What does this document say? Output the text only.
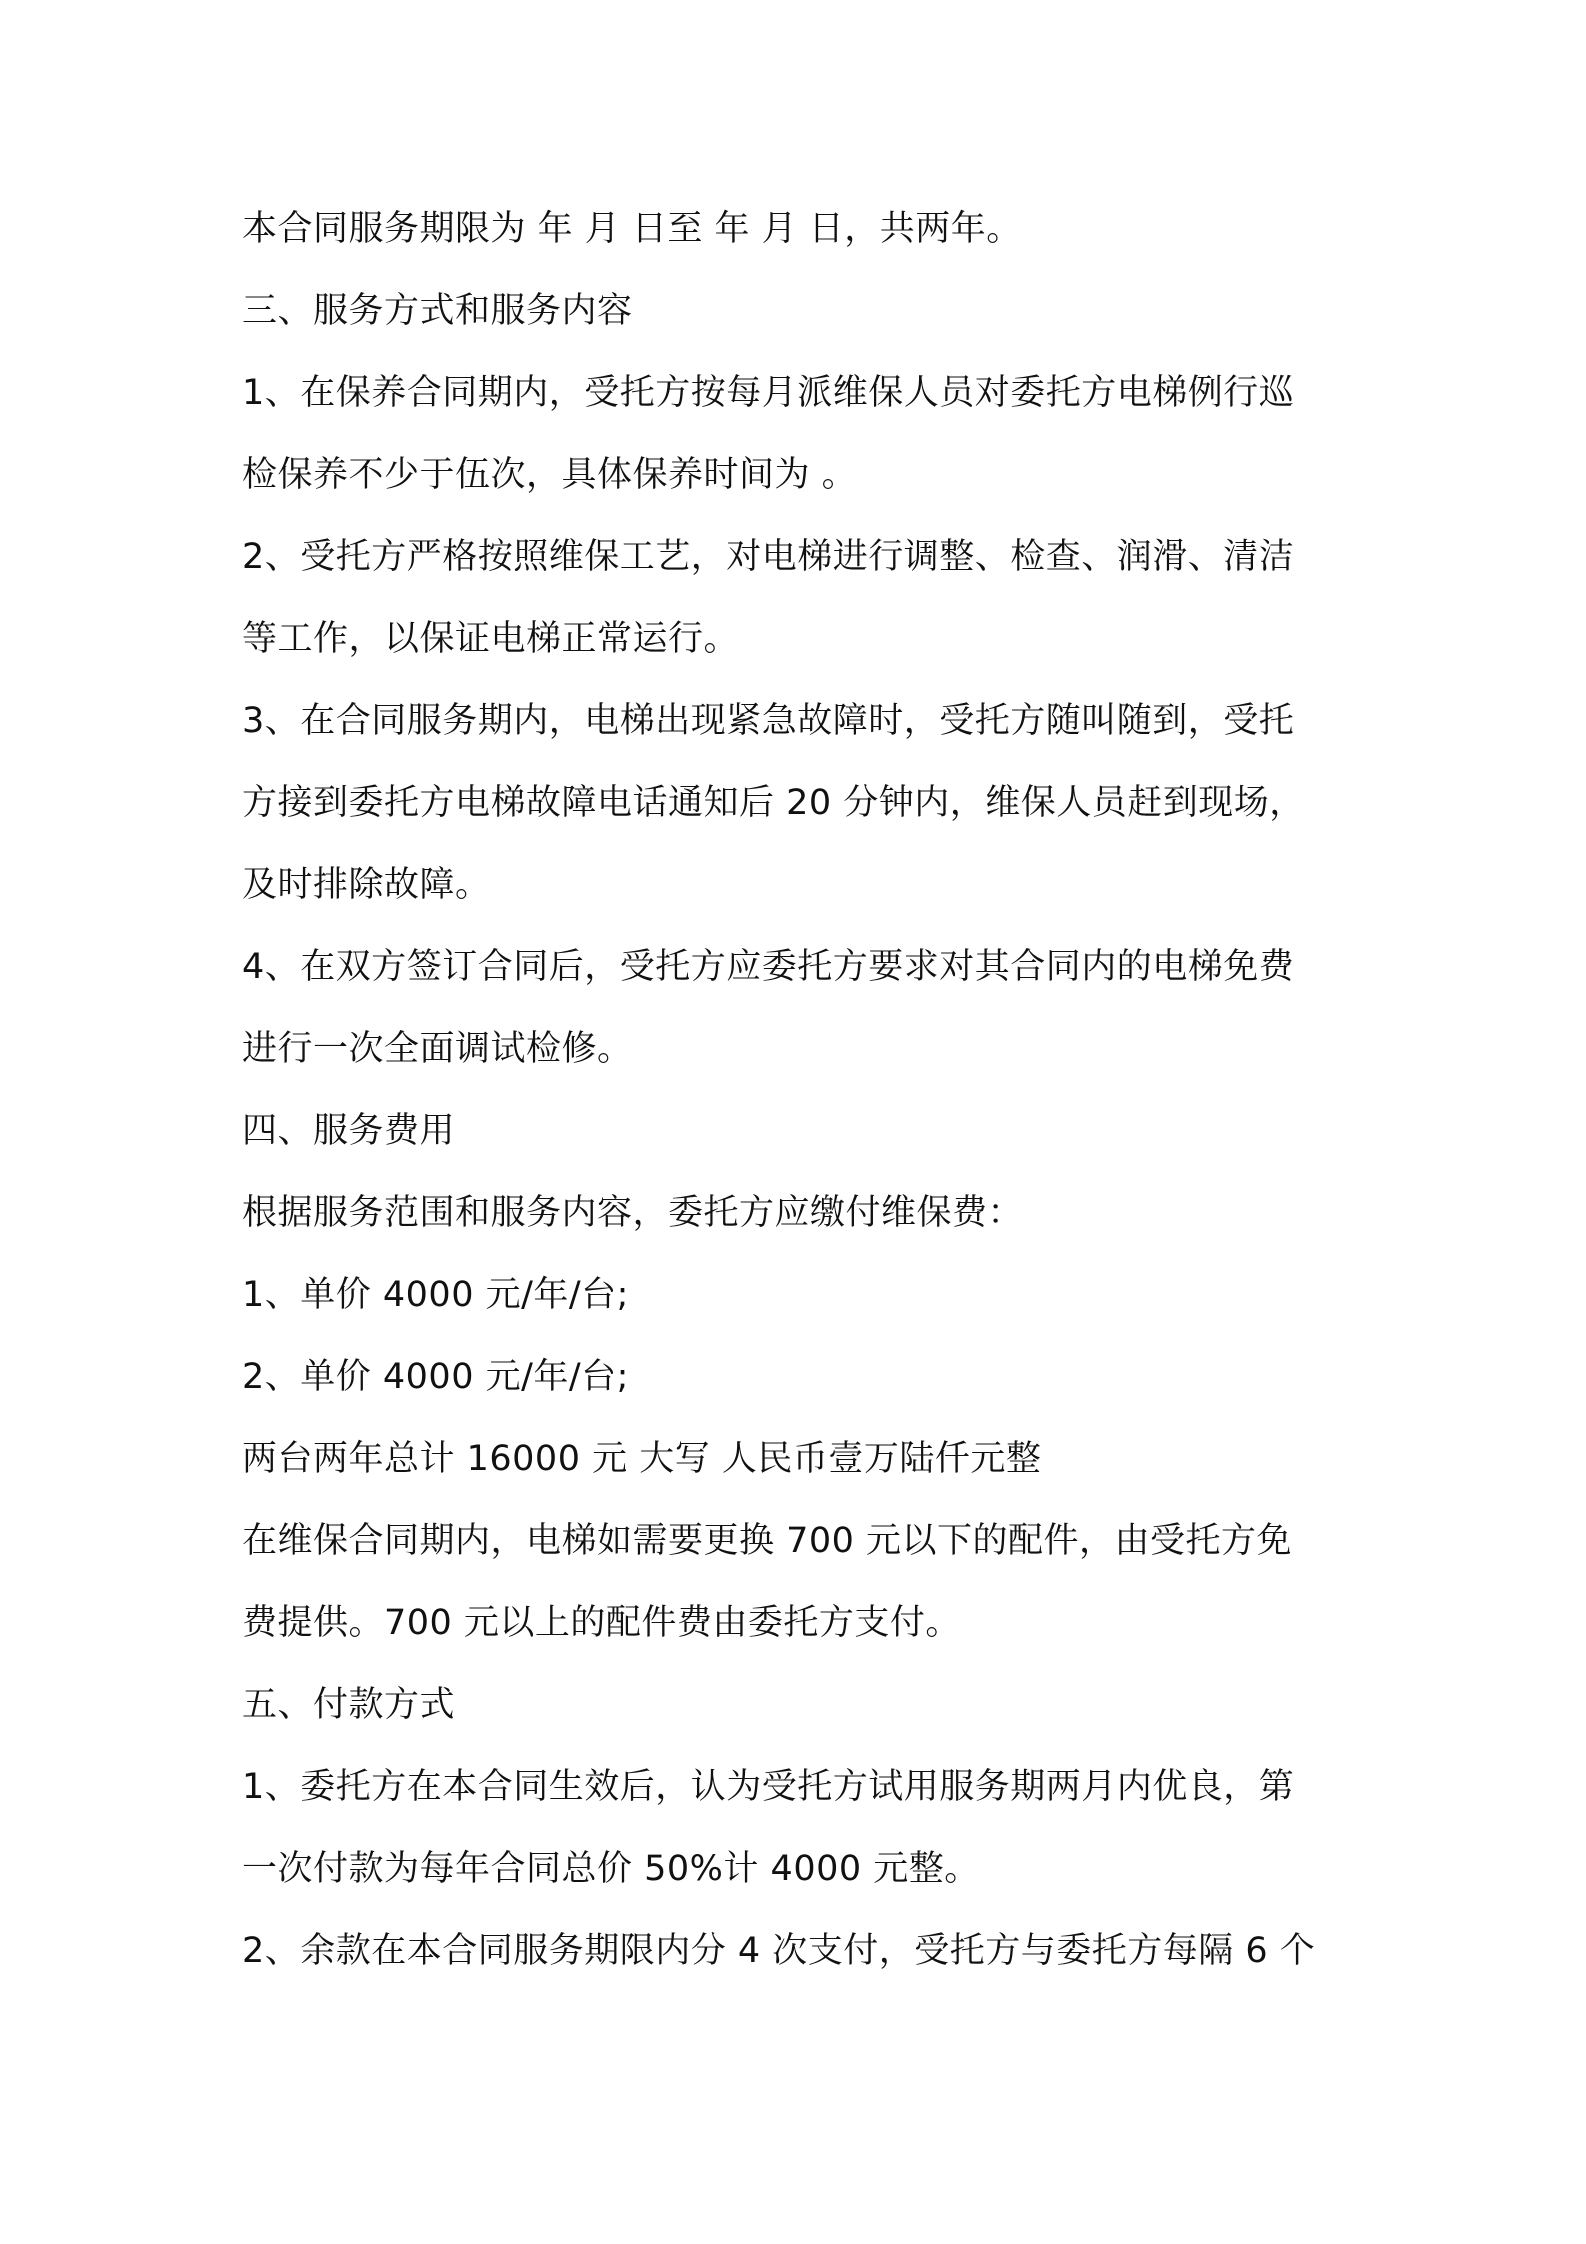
本合同服务期限为 年 月 日至 年 月 日，共两年。
三、服务方式和服务内容
1、在保养合同期内，受托方按每月派维保人员对委托方电梯例行巡
检保养不少于伍次，具体保养时间为 。
2、受托方严格按照维保工艺，对电梯进行调整、检查、润滑、清洁
等工作，以保证电梯正常运行。
3、在合同服务期内，电梯出现紧急故障时，受托方随叫随到，受托
方接到委托方电梯故障电话通知后 20 分钟内，维保人员赶到现场，
及时排除故障。
4、在双方签订合同后，受托方应委托方要求对其合同内的电梯免费
进行一次全面调试检修。
四、服务费用
根据服务范围和服务内容，委托方应缴付维保费：
1、单价 4000 元/年/台;
2、单价 4000 元/年/台;
两台两年总计 16000 元 大写 人民币壹万陆仟元整
在维保合同期内，电梯如需要更换 700 元以下的配件，由受托方免
费提供。700 元以上的配件费由委托方支付。
五、付款方式
1、委托方在本合同生效后，认为受托方试用服务期两月内优良，第
一次付款为每年合同总价 50%计 4000 元整。
2、余款在本合同服务期限内分 4 次支付，受托方与委托方每隔 6 个
